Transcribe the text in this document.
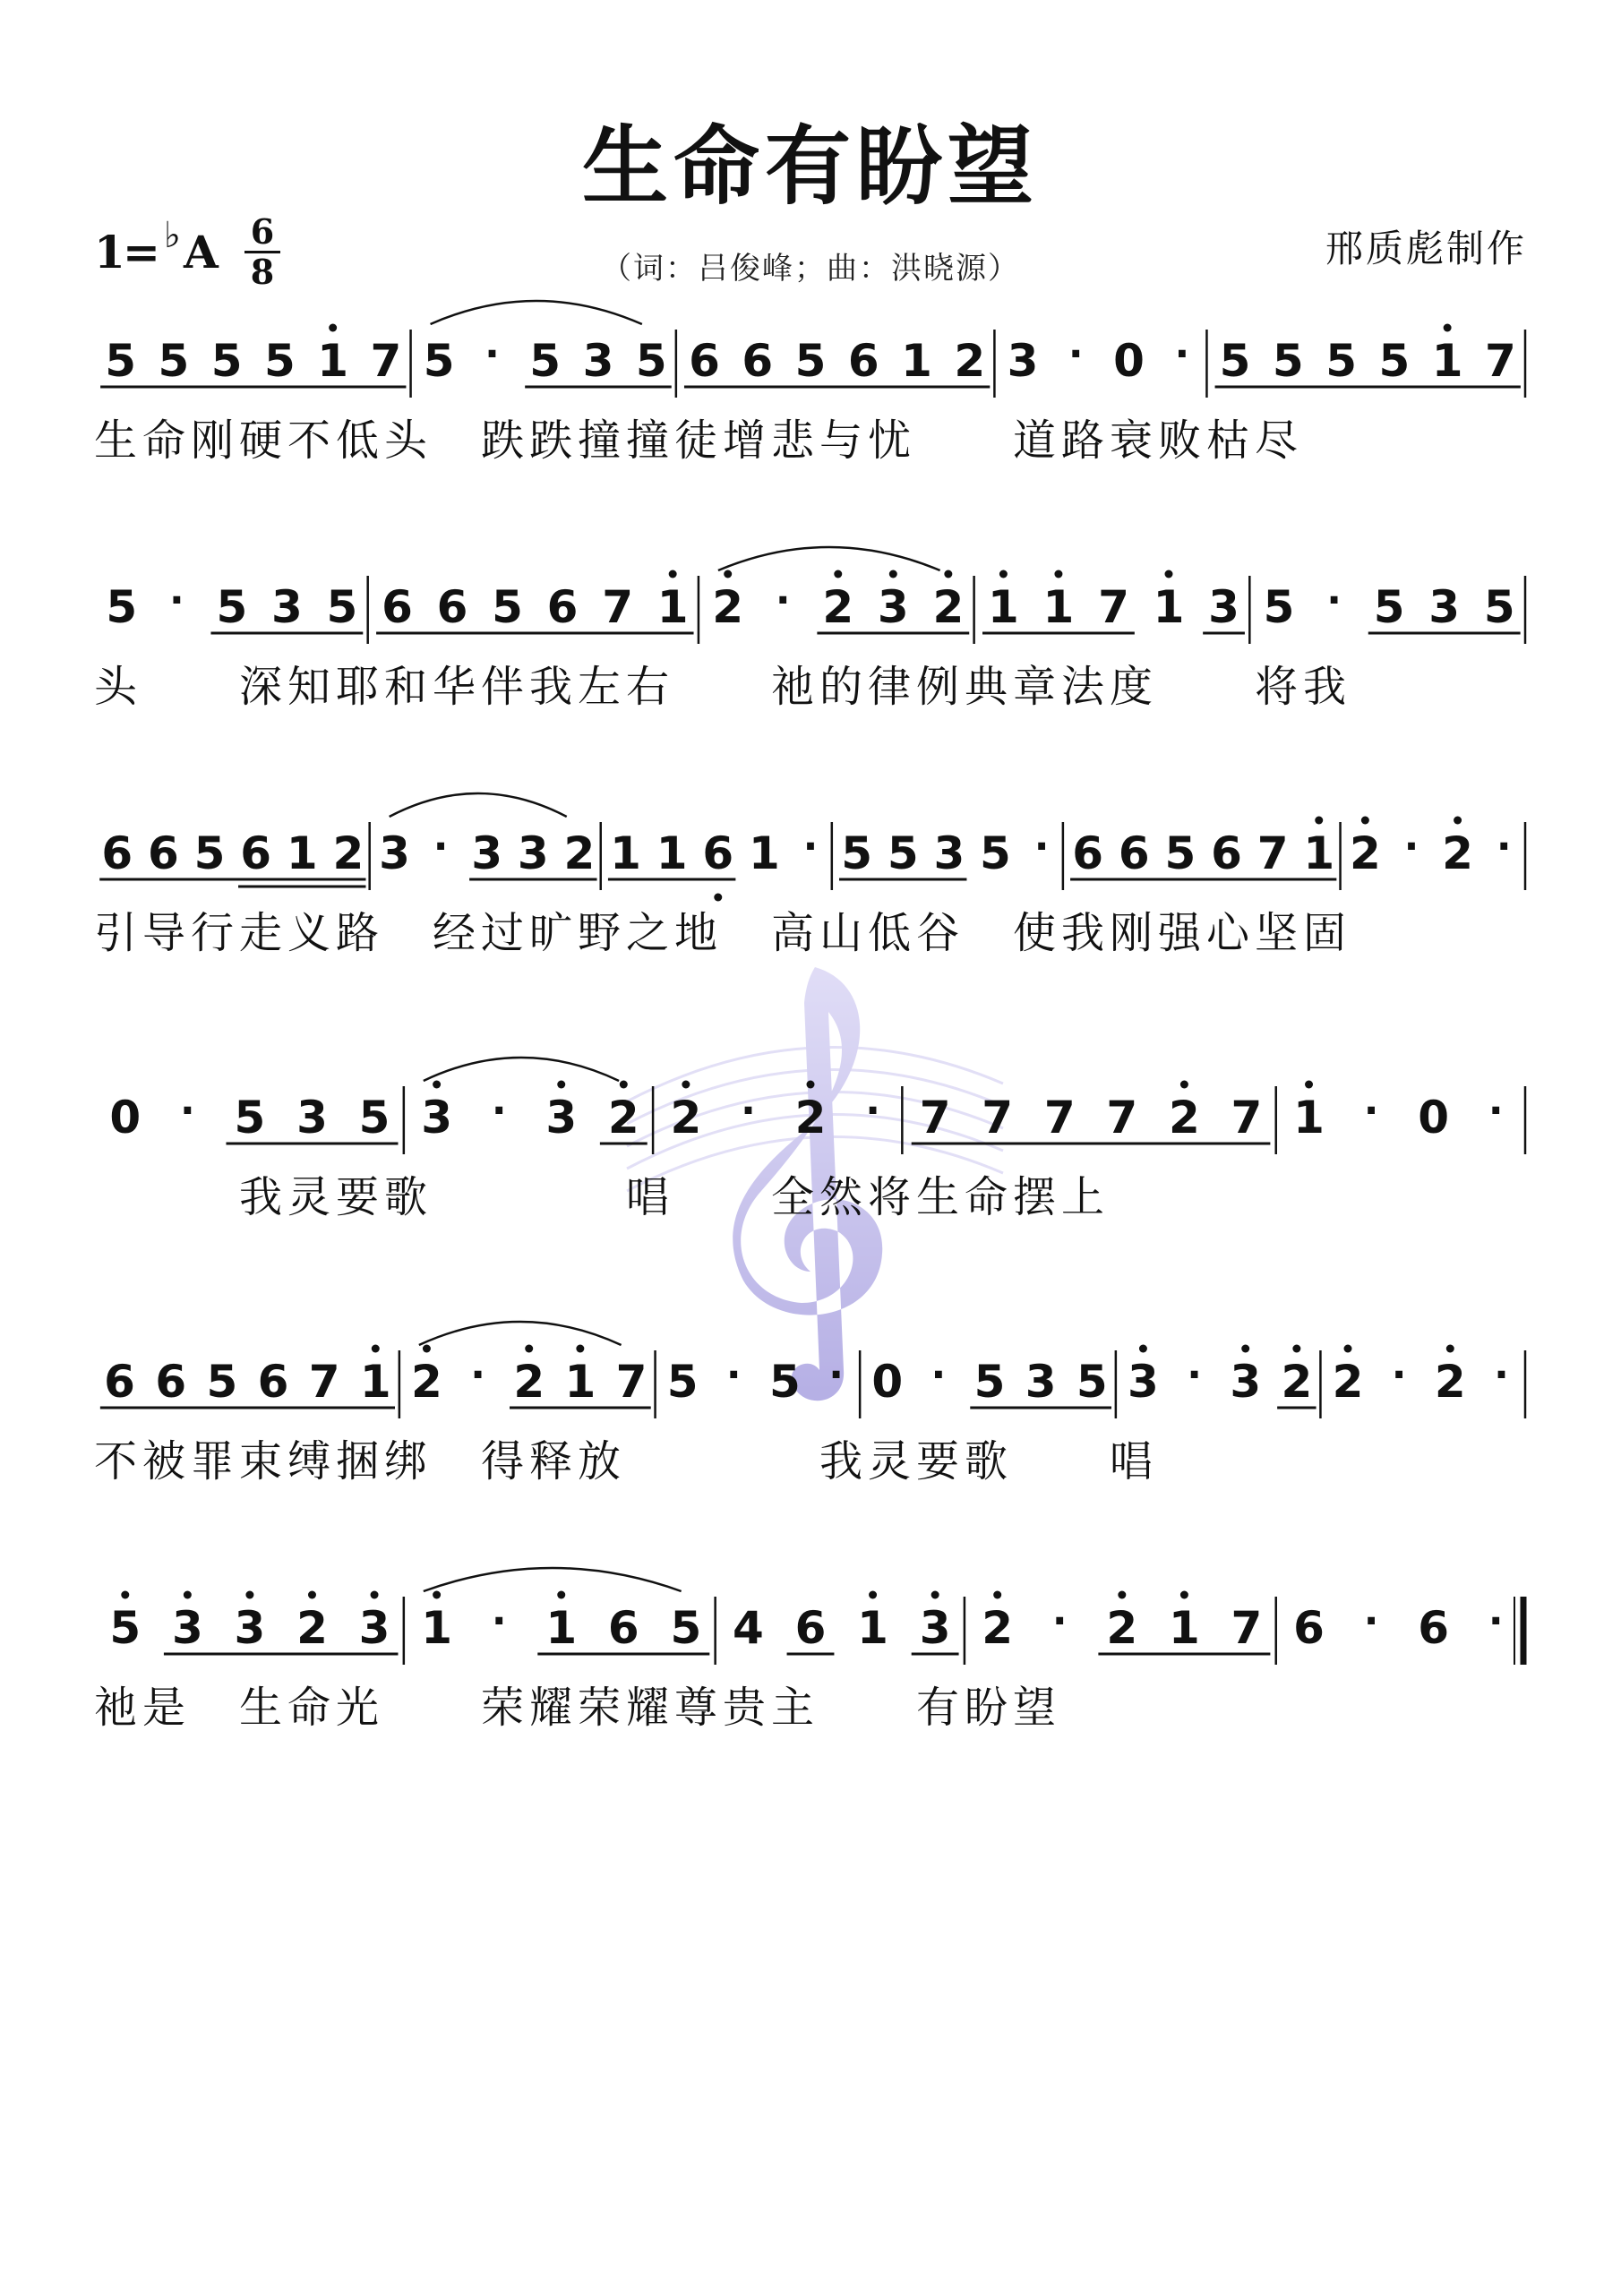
生命有盼望
1
= ♭ A 6
8	（词：吕俊峰；曲：洪晓源）	邢质彪制作
5 5 5 5 1 7 5 · 5 3 5 6 6 5 6 1 2 3 · 0 · 5 5 5 5 1 7
生命刚硬不低头　跌跌撞撞徒增悲与忧　　道路衰败枯尽
5 · 5 3 5 6 6 5 6 7 1 2 · 2 3 2 1 1 7 1 3 5 · 5 3 5
头　　深知耶和华伴我左右　　祂的律例典章法度　　将我
6 6 5 6 1 2 3 · 3 3 2 1 1 6 1 · 5 5 3 5 · 6 6 5 6 7 1 2 · 2 ·
引导行走义路　经过旷野之地　高山低谷　使我刚强心坚固
0 · 5 3 5 3 · 3 2 2 · 2 · 7 7 7 7 2 7 1 · 0 ·
　　　我灵要歌　　　　唱　　全然将生命摆上
6 6 5 6 7 1 2 · 2 1 7 5 · 5 · 0 · 5 3 5 3 · 3 2 2 · 2 ·
不被罪束缚捆绑　得释放　　　　我灵要歌　　唱
5 3 3 2 3 1 · 1 6 5 4 6 1 3 2 · 2 1 7 6 · 6 ·
祂是　生命光　　荣耀荣耀尊贵主　　有盼望
